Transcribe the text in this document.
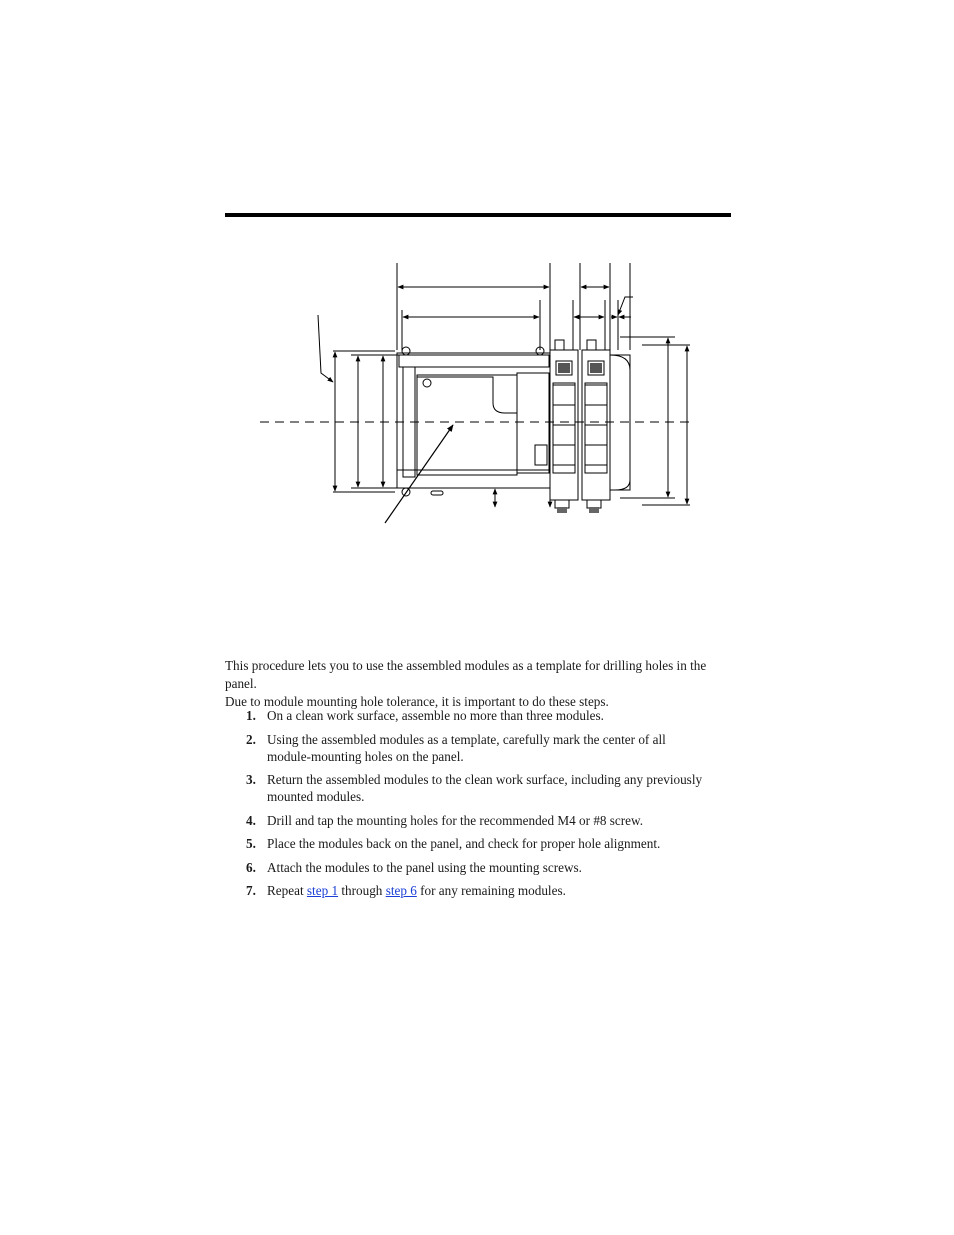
This procedure lets you to use the assembled modules as a template for drilling holes in the panel.
Due to module mounting hole tolerance, it is important to do these steps.
1. On a clean work surface, assemble no more than three modules.
2. Using the assembled modules as a template, carefully mark the center of all
module-mounting holes on the panel.
3. Return the assembled modules to the clean work surface, including any previously
mounted modules.
4. Drill and tap the mounting holes for the recommended M4 or #8 screw.
5. Place the modules back on the panel, and check for proper hole alignment.
6. Attach the modules to the panel using the mounting screws.
7. Repeat step 1 through step 6 for any remaining modules.
